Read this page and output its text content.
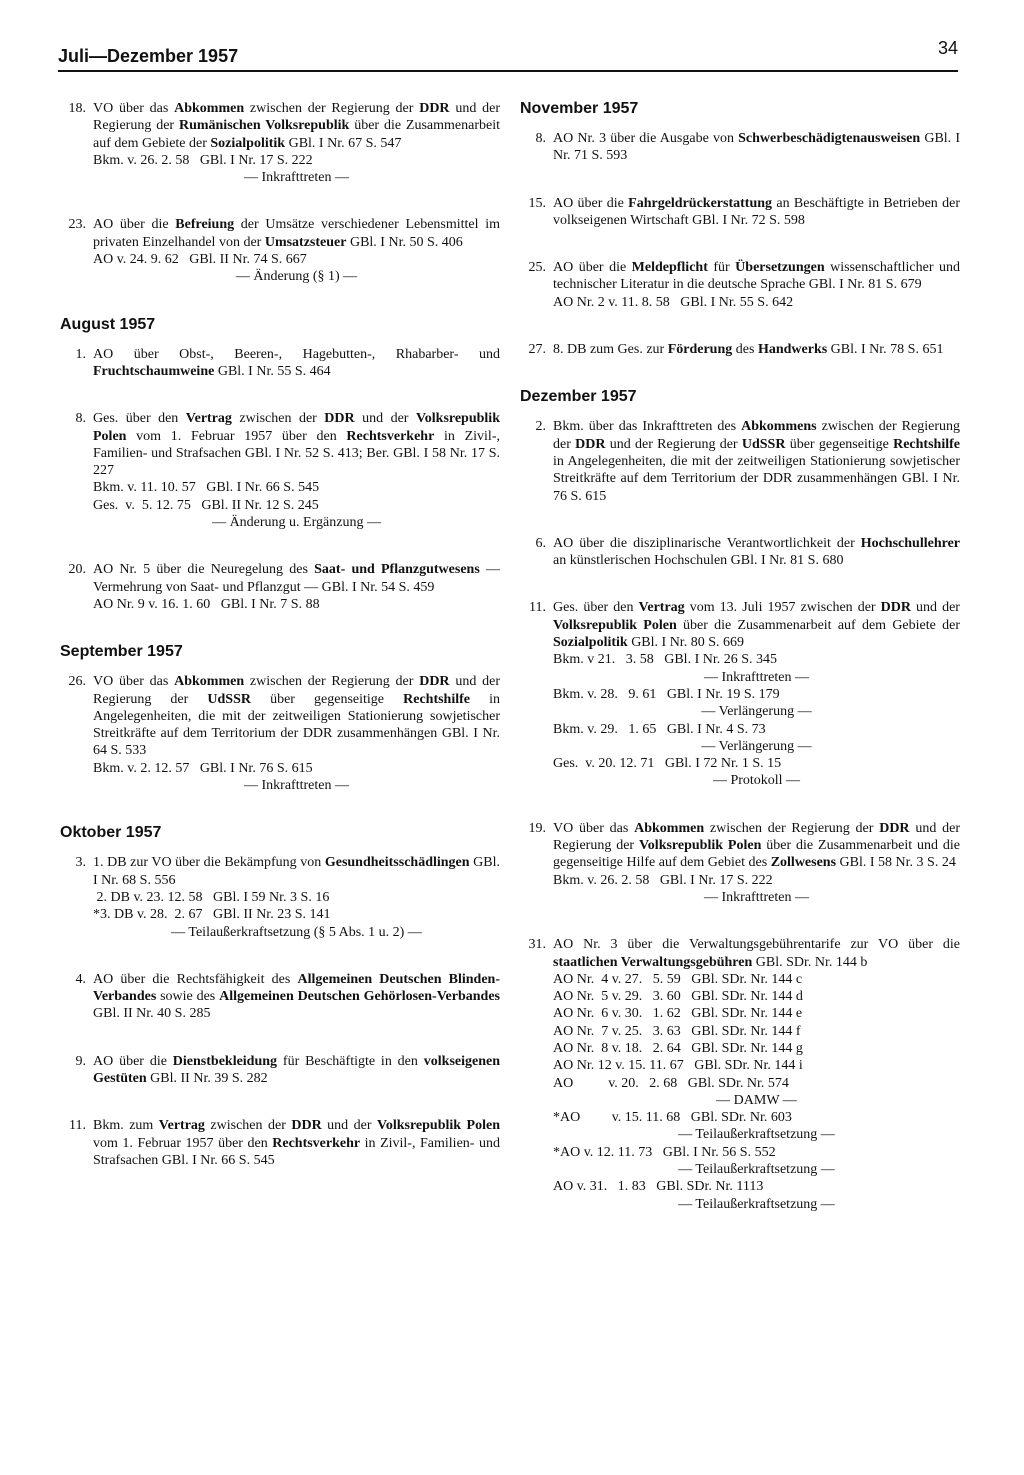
Juli—Dezember 1957	34
18. VO über das Abkommen zwischen der Regierung der DDR und der Regierung der Rumänischen Volksrepublik über die Zusammenarbeit auf dem Gebiete der Sozialpolitik GBl. I Nr. 67 S. 547
Bkm. v. 26. 2. 58   GBl. I Nr. 17 S. 222
— Inkrafttreten —
23. AO über die Befreiung der Umsätze verschiedener Lebensmittel im privaten Einzelhandel von der Umsatzsteuer GBl. I Nr. 50 S. 406
AO v. 24. 9. 62   GBl. II Nr. 74 S. 667
— Änderung (§ 1) —
August 1957
1. AO über Obst-, Beeren-, Hagebutten-, Rhabarber- und Fruchtschaumweine GBl. I Nr. 55 S. 464
8. Ges. über den Vertrag zwischen der DDR und der Volksrepublik Polen vom 1. Februar 1957 über den Rechtsverkehr in Zivil-, Familien- und Strafsachen GBl. I Nr. 52 S. 413; Ber. GBl. I 58 Nr. 17 S. 227
Bkm. v. 11. 10. 57   GBl. I Nr. 66 S. 545
Ges.  v.  5. 12. 75   GBl. II Nr. 12 S. 245
— Änderung u. Ergänzung —
20. AO Nr. 5 über die Neuregelung des Saat- und Pflanzgutwesens — Vermehrung von Saat- und Pflanzgut — GBl. I Nr. 54 S. 459
AO Nr. 9 v. 16. 1. 60   GBl. I Nr. 7 S. 88
September 1957
26. VO über das Abkommen zwischen der Regierung der DDR und der Regierung der UdSSR über gegenseitige Rechtshilfe in Angelegenheiten, die mit der zeitweiligen Stationierung sowjetischer Streitkräfte auf dem Territorium der DDR zusammenhängen GBl. I Nr. 64 S. 533
Bkm. v. 2. 12. 57   GBl. I Nr. 76 S. 615
— Inkrafttreten —
Oktober 1957
3. 1. DB zur VO über die Bekämpfung von Gesundheitsschädlingen GBl. I Nr. 68 S. 556
2. DB v. 23. 12. 58   GBl. I 59 Nr. 3 S. 16
*3. DB v. 28.  2. 67   GBl. II Nr. 23 S. 141
— Teilaußerkraftsetzung (§ 5 Abs. 1 u. 2) —
4. AO über die Rechtsfähigkeit des Allgemeinen Deutschen Blinden-Verbandes sowie des Allgemeinen Deutschen Gehörlosen-Verbandes GBl. II Nr. 40 S. 285
9. AO über die Dienstbekleidung für Beschäftigte in den volkseigenen Gestüten GBl. II Nr. 39 S. 282
11. Bkm. zum Vertrag zwischen der DDR und der Volksrepublik Polen vom 1. Februar 1957 über den Rechtsverkehr in Zivil-, Familien- und Strafsachen GBl. I Nr. 66 S. 545
November 1957
8. AO Nr. 3 über die Ausgabe von Schwerbeschädigtenausweisen GBl. I Nr. 71 S. 593
15. AO über die Fahrgeldrückerstattung an Beschäftigte in Betrieben der volkseigenen Wirtschaft GBl. I Nr. 72 S. 598
25. AO über die Meldepflicht für Übersetzungen wissenschaftlicher und technischer Literatur in die deutsche Sprache GBl. I Nr. 81 S. 679
AO Nr. 2 v. 11. 8. 58   GBl. I Nr. 55 S. 642
27. 8. DB zum Ges. zur Förderung des Handwerks GBl. I Nr. 78 S. 651
Dezember 1957
2. Bkm. über das Inkrafttreten des Abkommens zwischen der Regierung der DDR und der Regierung der UdSSR über gegenseitige Rechtshilfe in Angelegenheiten, die mit der zeitweiligen Stationierung sowjetischer Streitkräfte auf dem Territorium der DDR zusammenhängen GBl. I Nr. 76 S. 615
6. AO über die disziplinarische Verantwortlichkeit der Hochschullehrer an künstlerischen Hochschulen GBl. I Nr. 81 S. 680
11. Ges. über den Vertrag vom 13. Juli 1957 zwischen der DDR und der Volksrepublik Polen über die Zusammenarbeit auf dem Gebiete der Sozialpolitik GBl. I Nr. 80 S. 669
Bkm. v 21.   3. 58   GBl. I Nr. 26 S. 345
— Inkrafttreten —
Bkm. v. 28.   9. 61   GBl. I Nr. 19 S. 179
— Verlängerung —
Bkm. v. 29.   1. 65   GBl. I Nr. 4 S. 73
— Verlängerung —
Ges.  v. 20. 12. 71   GBl. I 72 Nr. 1 S. 15
— Protokoll —
19. VO über das Abkommen zwischen der Regierung der DDR und der Regierung der Volksrepublik Polen über die Zusammenarbeit und die gegenseitige Hilfe auf dem Gebiet des Zollwesens GBl. I 58 Nr. 3 S. 24
Bkm. v. 26. 2. 58   GBl. I Nr. 17 S. 222
— Inkrafttreten —
31. AO Nr. 3 über die Verwaltungsgebührentarife zur VO über die staatlichen Verwaltungsgebühren GBl. SDr. Nr. 144 b
AO Nr.  4 v. 27.   5. 59   GBl. SDr. Nr. 144 c
AO Nr.  5 v. 29.   3. 60   GBl. SDr. Nr. 144 d
AO Nr.  6 v. 30.   1. 62   GBl. SDr. Nr. 144 e
AO Nr.  7 v. 25.   3. 63   GBl. SDr. Nr. 144 f
AO Nr.  8 v. 18.   2. 64   GBl. SDr. Nr. 144 g
AO Nr. 12 v. 15. 11. 67   GBl. SDr. Nr. 144 i
AO          v. 20.   2. 68   GBl. SDr. Nr. 574
— DAMW —
*AO         v. 15. 11. 68   GBl. SDr. Nr. 603
— Teilaußerkraftsetzung —
*AO v. 12. 11. 73   GBl. I Nr. 56 S. 552
— Teilaußerkraftsetzung —
AO v. 31.   1. 83   GBl. SDr. Nr. 1113
— Teilaußerkraftsetzung —
